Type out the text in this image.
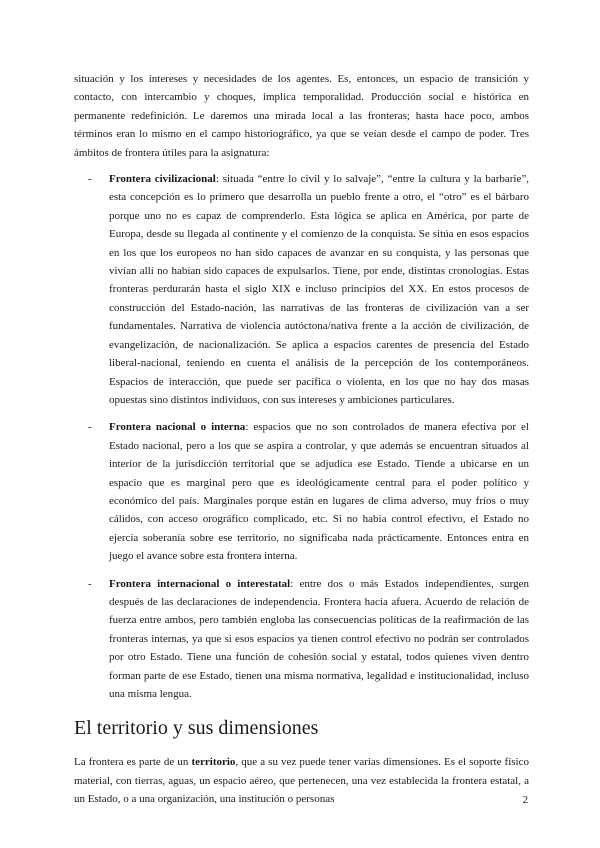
situación y los intereses y necesidades de los agentes. Es, entonces, un espacio de transición y contacto, con intercambio y choques, implica temporalidad. Producción social e histórica en permanente redefinición. Le daremos una mirada local a las fronteras; hasta hace poco, ambos términos eran lo mismo en el campo historiográfico, ya que se veían desde el campo de poder. Tres ámbitos de frontera útiles para la asignatura:

- Frontera civilizacional: situada “entre lo civil y lo salvaje”, “entre la cultura y la barbarie”, esta concepción es lo primero que desarrolla un pueblo frente a otro, el “otro” es el bárbaro porque uno no es capaz de comprenderlo. Esta lógica se aplica en América, por parte de Europa, desde su llegada al continente y el comienzo de la conquista. Se sitúa en esos espacios en los que los europeos no han sido capaces de avanzar en su conquista, y las personas que vivían allí no habían sido capaces de expulsarlos. Tiene, por ende, distintas cronologías. Estas fronteras perdurarán hasta el siglo XIX e incluso principios del XX. En estos procesos de construcción del Estado-nación, las narrativas de las fronteras de civilización van a ser fundamentales. Narrativa de violencia autóctona/nativa frente a la acción de civilización, de evangelización, de nacionalización. Se aplica a espacios carentes de presencia del Estado liberal-nacional, teniendo en cuenta el análisis de la percepción de los contemporáneos. Espacios de interacción, que puede ser pacífica o violenta, en los que no hay dos masas opuestas sino distintos individuos, con sus intereses y ambiciones particulares.

- Frontera nacional o interna: espacios que no son controlados de manera efectiva por el Estado nacional, pero a los que se aspira a controlar, y que además se encuentran situados al interior de la jurisdicción territorial que se adjudica ese Estado. Tiende a ubicarse en un espacio que es marginal pero que es ideológicamente central para el poder político y económico del país. Marginales porque están en lugares de clima adverso, muy fríos o muy cálidos, con acceso orográfico complicado, etc. Si no había control efectivo, el Estado no ejercía soberanía sobre ese territorio, no significaba nada prácticamente. Entonces entra en juego el avance sobre esta frontera interna.

- Frontera internacional o interestatal: entre dos o más Estados independientes, surgen después de las declaraciones de independencia. Frontera hacia afuera. Acuerdo de relación de fuerza entre ambos, pero también engloba las consecuencias políticas de la reafirmación de las fronteras internas, ya que si esos espacios ya tienen control efectivo no podrán ser controlados por otro Estado. Tiene una función de cohesión social y estatal, todos quienes viven dentro forman parte de ese Estado, tienen una misma normativa, legalidad e institucionalidad, incluso una misma lengua.

El territorio y sus dimensiones

La frontera es parte de un territorio, que a su vez puede tener varias dimensiones. Es el soporte físico material, con tierras, aguas, un espacio aéreo, que pertenecen, una vez establecida la frontera estatal, a un Estado, o a una organización, una institución o personas	2
